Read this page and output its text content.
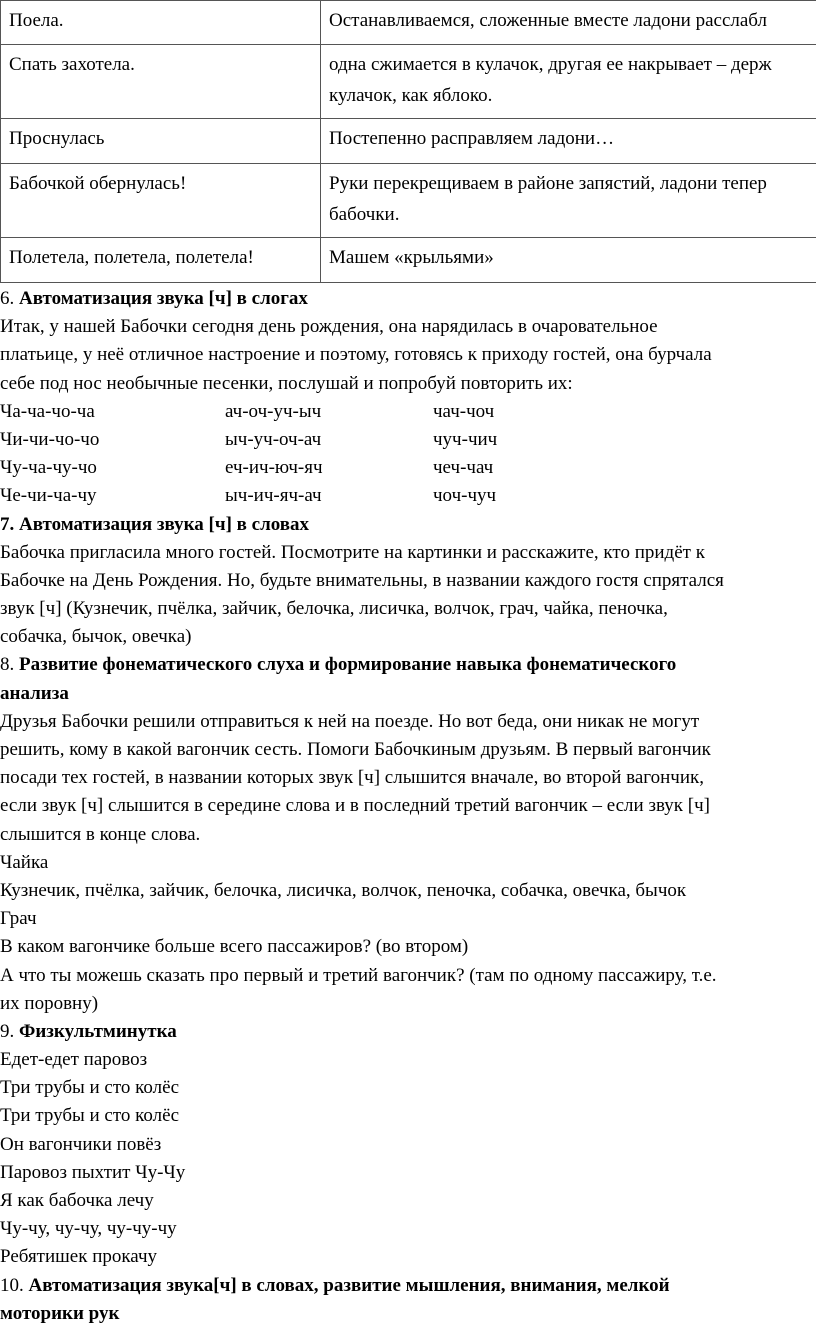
Поела.	Останавливаемся, сложенные вместе ладони расслабл
Спать захотела.	одна сжимается в кулачок, другая ее накрывает – держ
кулачок, как яблоко.

Проснулась	Постепенно расправляем ладони…
Бабочкой обернулась!	Руки перекрещиваем в районе запястий, ладони тепер
бабочки.

Полетела, полетела, полетела!	Машем «крыльями»
6. Автоматизация звука [ч] в слогах
Итак, у нашей Бабочки сегодня день рождения, она нарядилась в очаровательное
платьице, у неё отличное настроение и поэтому, готовясь к приходу гостей, она бурчала
себе под нос необычные песенки, послушай и попробуй повторить их:
Ча-ча-чо-ча	ач-оч-уч-ыч	чач-чоч
Чи-чи-чо-чо	ыч-уч-оч-ач	чуч-чич
Чу-ча-чу-чо	еч-ич-юч-яч	чеч-чач
Че-чи-ча-чу	ыч-ич-яч-ач	чоч-чуч
7. Автоматизация звука [ч] в словах
Бабочка пригласила много гостей. Посмотрите на картинки и расскажите, кто придёт к
Бабочке на День Рождения. Но, будьте внимательны, в названии каждого гостя спрятался
звук [ч] (Кузнечик, пчёлка, зайчик, белочка, лисичка, волчок, грач, чайка, пеночка,
собачка, бычок, овечка)
8. Развитие фонематического слуха и формирование навыка фонематического
анализа
Друзья Бабочки решили отправиться к ней на поезде. Но вот беда, они никак не могут
решить, кому в какой вагончик сесть. Помоги Бабочкиным друзьям. В первый вагончик
посади тех гостей, в названии которых звук [ч] слышится вначале, во второй вагончик,
если звук [ч] слышится в середине слова и в последний третий вагончик – если звук [ч]
слышится в конце слова.
Чайка
Кузнечик, пчёлка, зайчик, белочка, лисичка, волчок, пеночка, собачка, овечка, бычок
Грач
В каком вагончике больше всего пассажиров? (во втором)
А что ты можешь сказать про первый и третий вагончик? (там по одному пассажиру, т.е.
их поровну)
9. Физкультминутка
Едет-едет паровоз
Три трубы и сто колёс
Три трубы и сто колёс
Он вагончики повёз
Паровоз пыхтит Чу-Чу
Я как бабочка лечу
Чу-чу, чу-чу, чу-чу-чу
Ребятишек прокачу
10. Автоматизация звука[ч] в словах, развитие мышления, внимания, мелкой
моторики рук
